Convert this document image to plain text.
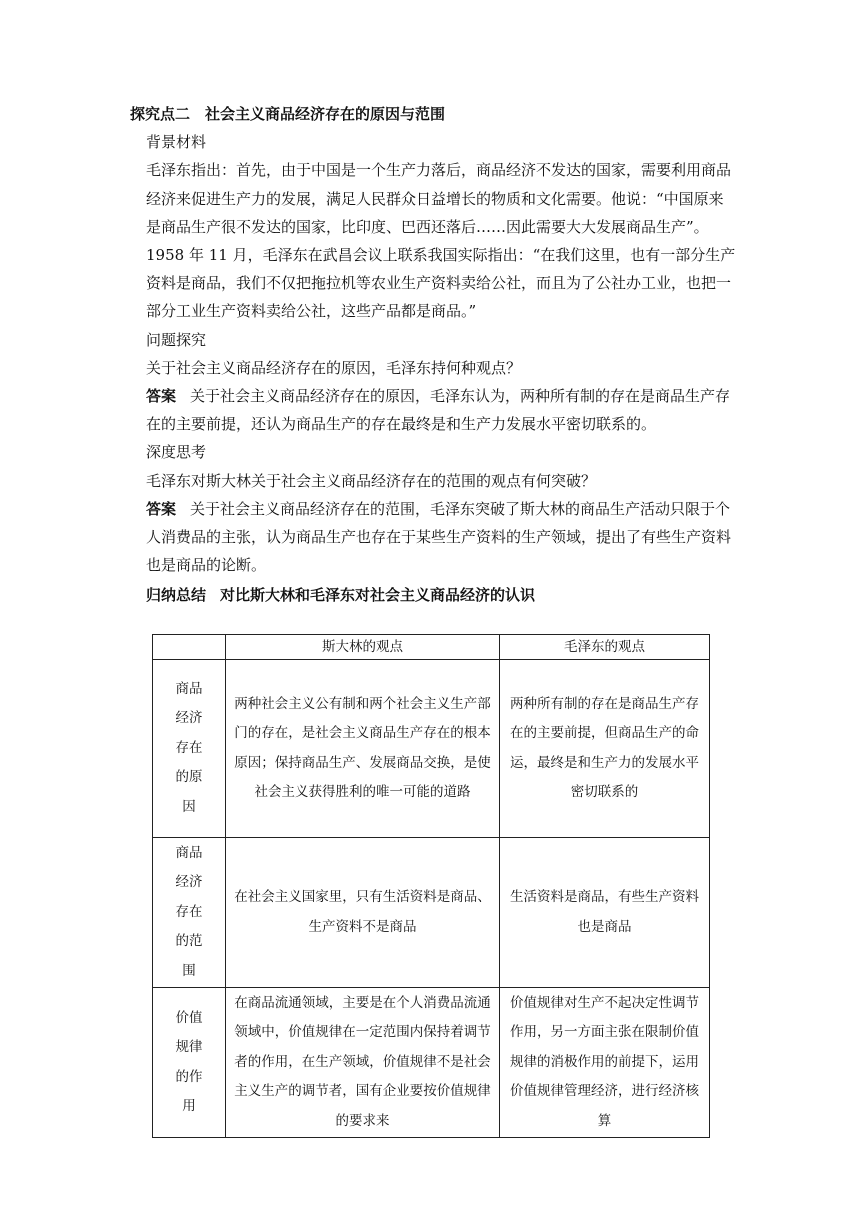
探究点二　社会主义商品经济存在的原因与范围
背景材料
毛泽东指出：首先，由于中国是一个生产力落后，商品经济不发达的国家，需要利用商品
经济来促进生产力的发展，满足人民群众日益增长的物质和文化需要。他说：“中国原来
是商品生产很不发达的国家，比印度、巴西还落后……因此需要大大发展商品生产”。
1958 年 11 月，毛泽东在武昌会议上联系我国实际指出：“在我们这里，也有一部分生产
资料是商品，我们不仅把拖拉机等农业生产资料卖给公社，而且为了公社办工业，也把一
部分工业生产资料卖给公社，这些产品都是商品。”
问题探究
关于社会主义商品经济存在的原因，毛泽东持何种观点？
答案 关于社会主义商品经济存在的原因，毛泽东认为，两种所有制的存在是商品生产存
在的主要前提，还认为商品生产的存在最终是和生产力发展水平密切联系的。
深度思考
毛泽东对斯大林关于社会主义商品经济存在的范围的观点有何突破？
答案 关于社会主义商品经济存在的范围，毛泽东突破了斯大林的商品生产活动只限于个
人消费品的主张，认为商品生产也存在于某些生产资料的生产领域，提出了有些生产资料
也是商品的论断。
归纳总结 对比斯大林和毛泽东对社会主义商品经济的认识
	斯大林的观点	毛泽东的观点
商品经济存在的原因	两种社会主义公有制和两个社会主义生产部门的存在，是社会主义商品生产存在的根本原因；保持商品生产、发展商品交换，是使社会主义获得胜利的唯一可能的道路	两种所有制的存在是商品生产存在的主要前提，但商品生产的命运，最终是和生产力的发展水平密切联系的
商品经济存在的范围	在社会主义国家里，只有生活资料是商品、生产资料不是商品	生活资料是商品，有些生产资料也是商品
价值规律的作用	在商品流通领域，主要是在个人消费品流通领域中，价值规律在一定范围内保持着调节者的作用，在生产领域，价值规律不是社会主义生产的调节者，国有企业要按价值规律的要求来	价值规律对生产不起决定性调节作用，另一方面主张在限制价值规律的消极作用的前提下，运用价值规律管理经济，进行经济核算
